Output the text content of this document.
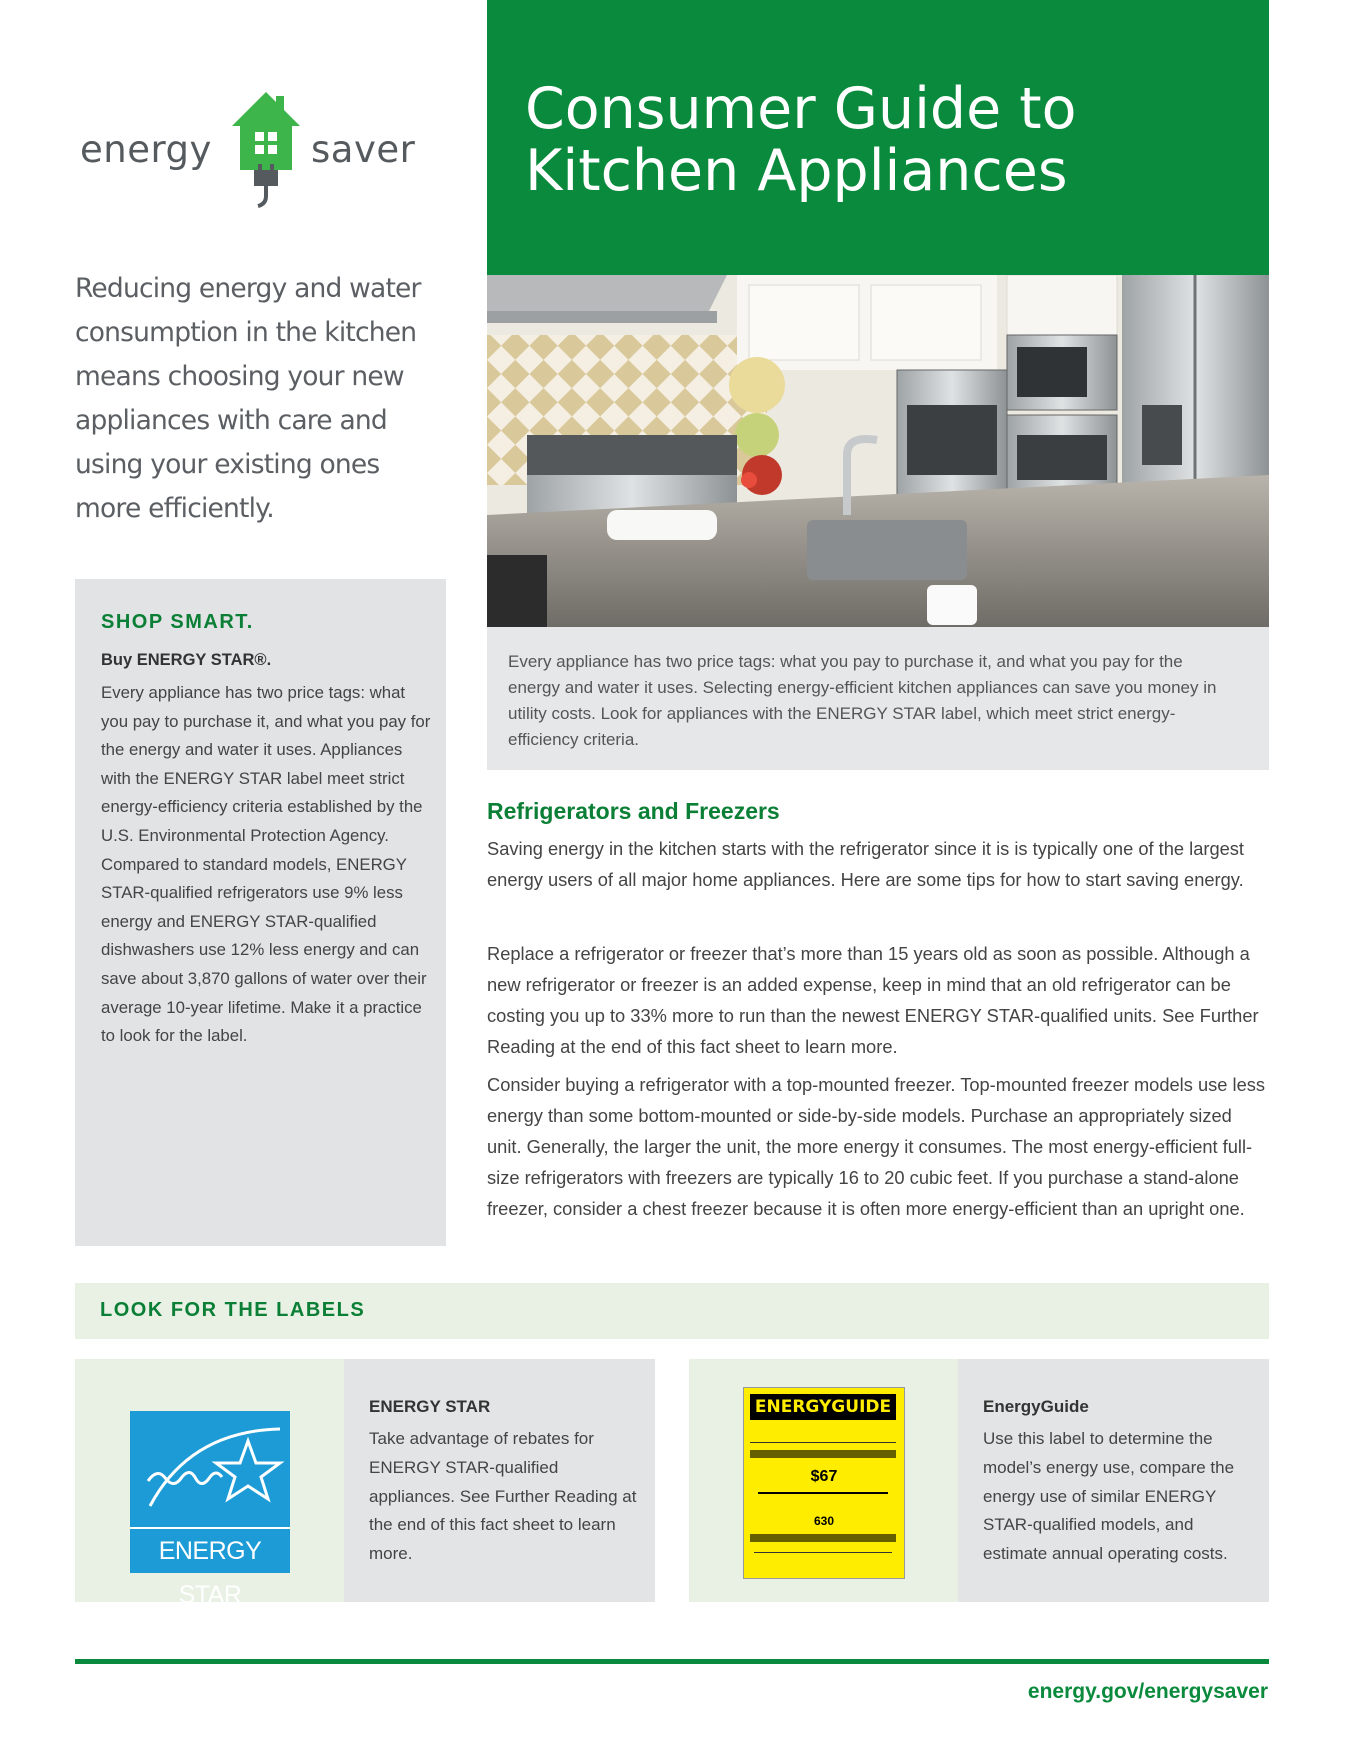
energy	saver
Consumer Guide to Kitchen Appliances

Reducing energy and water consumption in the kitchen means choosing your new appliances with care and using your existing ones more efficiently.

Every appliance has two price tags: what you pay to purchase it, and what you pay for the energy and water it uses. Selecting energy-efficient kitchen appliances can save you money in utility costs. Look for appliances with the ENERGY STAR label, which meet strict energy-efficiency criteria.

SHOP SMART.
Buy ENERGY STAR®.

Every appliance has two price tags: what you pay to purchase it, and what you pay for the energy and water it uses. Appliances with the ENERGY STAR label meet strict energy-efficiency criteria established by the U.S. Environmental Protection Agency. Compared to standard models, ENERGY STAR-qualified refrigerators use 9% less energy and ENERGY STAR-qualified dishwashers use 12% less energy and can save about 3,870 gallons of water over their average 10-year lifetime. Make it a practice to look for the label.

Refrigerators and Freezers

Saving energy in the kitchen starts with the refrigerator since it is is typically one of the largest energy users of all major home appliances. Here are some tips for how to start saving energy.

Replace a refrigerator or freezer that’s more than 15 years old as soon as possible. Although a new refrigerator or freezer is an added expense, keep in mind that an old refrigerator can be costing you up to 33% more to run than the newest ENERGY STAR-qualified units. See Further Reading at the end of this fact sheet to learn more.

Consider buying a refrigerator with a top-mounted freezer. Top-mounted freezer models use less energy than some bottom-mounted or side-by-side models. Purchase an appropriately sized unit. Generally, the larger the unit, the more energy it consumes. The most energy-efficient full-size refrigerators with freezers are typically 16 to 20 cubic feet. If you purchase a stand-alone freezer, consider a chest freezer because it is often more energy-efficient than an upright one.

LOOK FOR THE LABELS
ENERGY STAR
ENERGY STAR

Take advantage of rebates for ENERGY STAR-qualified appliances. See Further Reading at the end of this fact sheet to learn more.

ENERGYGUIDE
$67
630
EnergyGuide

Use this label to determine the model’s energy use, compare the energy use of similar ENERGY STAR-qualified models, and estimate annual operating costs.

energy.gov/energysaver
